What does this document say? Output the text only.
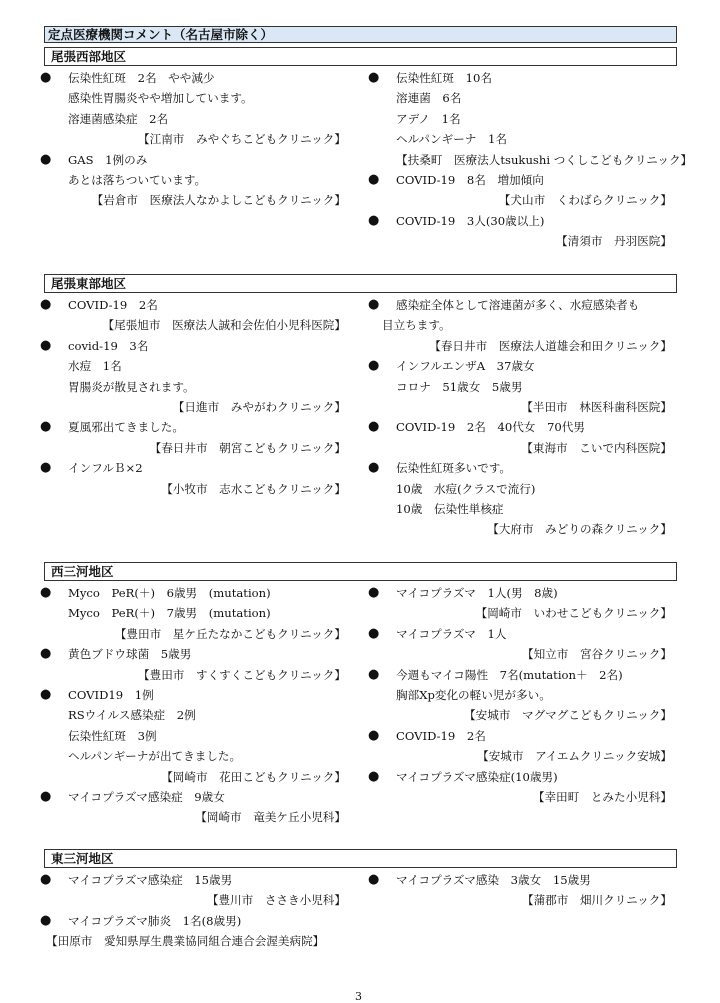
定点医療機関コメント（名古屋市除く）
尾張西部地区
● 伝染性紅斑　2名　やや減少
感染性胃腸炎やや増加しています。
溶連菌感染症　2名
【江南市　みやぐちこどもクリニック】
● GAS　1例のみ
あとは落ちついています。
【岩倉市　医療法人なかよしこどもクリニック】
● 伝染性紅斑　10名
溶連菌　6名
アデノ　1名
ヘルパンギーナ　1名
【扶桑町　医療法人tsukushi つくしこどもクリニック】
● COVID-19　8名　増加傾向
【犬山市　くわばらクリニック】
● COVID-19　3人(30歳以上)
【清須市　丹羽医院】
尾張東部地区
● COVID-19　2名
【尾張旭市　医療法人誠和会佐伯小児科医院】
● covid-19　3名
水痘　1名
胃腸炎が散見されます。
【日進市　みやがわクリニック】
● 夏風邪出てきました。
【春日井市　朝宮こどもクリニック】
● インフルＢ×2
【小牧市　志水こどもクリニック】
● 感染症全体として溶連菌が多く、水痘感染者も
目立ちます。
【春日井市　医療法人道雄会和田クリニック】
● インフルエンザA　37歳女
コロナ　51歳女　5歳男
【半田市　林医科歯科医院】
● COVID-19　2名　40代女　70代男
【東海市　こいで内科医院】
● 伝染性紅斑多いです。
10歳　水痘(クラスで流行)
10歳　伝染性単核症
【大府市　みどりの森クリニック】
西三河地区
● Myco　PeR(＋)　6歳男　(mutation)
Myco　PeR(＋)　7歳男　(mutation)
【豊田市　星ケ丘たなかこどもクリニック】
● 黄色ブドウ球菌　5歳男
【豊田市　すくすくこどもクリニック】
● COVID19　1例
RSウイルス感染症　2例
伝染性紅斑　3例
ヘルパンギーナが出てきました。
【岡崎市　花田こどもクリニック】
● マイコプラズマ感染症　9歳女
【岡崎市　竜美ケ丘小児科】
● マイコプラズマ　1人(男　8歳)
【岡崎市　いわせこどもクリニック】
● マイコプラズマ　1人
【知立市　宮谷クリニック】
● 今週もマイコ陽性　7名(mutation＋　2名)
胸部Xp変化の軽い児が多い。
【安城市　マグマグこどもクリニック】
● COVID-19　2名
【安城市　アイエムクリニック安城】
● マイコプラズマ感染症(10歳男)
【幸田町　とみた小児科】
東三河地区
● マイコプラズマ感染症　15歳男
【豊川市　ささき小児科】
● マイコプラズマ肺炎　1名(8歳男)
【田原市　愛知県厚生農業協同組合連合会渥美病院】
● マイコプラズマ感染　3歳女　15歳男
【蒲郡市　畑川クリニック】
3
